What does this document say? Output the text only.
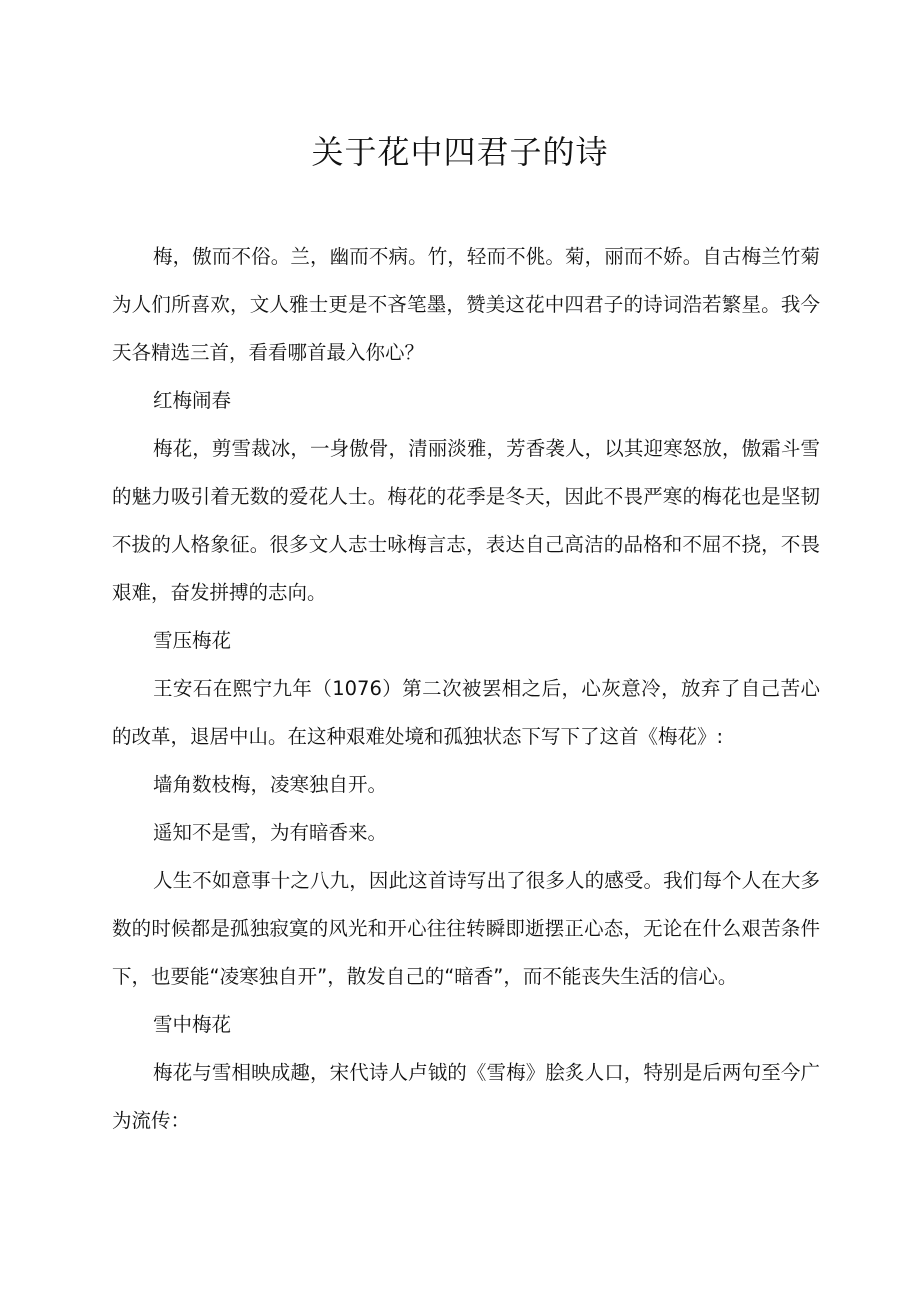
关于花中四君子的诗

梅，傲而不俗。兰，幽而不病。竹，轻而不佻。菊，丽而不娇。自古梅兰竹菊为人们所喜欢，文人雅士更是不吝笔墨，赞美这花中四君子的诗词浩若繁星。我今天各精选三首，看看哪首最入你心？

红梅闹春

梅花，剪雪裁冰，一身傲骨，清丽淡雅，芳香袭人，以其迎寒怒放，傲霜斗雪的魅力吸引着无数的爱花人士。梅花的花季是冬天，因此不畏严寒的梅花也是坚韧不拔的人格象征。很多文人志士咏梅言志，表达自己高洁的品格和不屈不挠，不畏艰难，奋发拼搏的志向。

雪压梅花

王安石在熙宁九年（1076）第二次被罢相之后，心灰意冷，放弃了自己苦心的改革，退居中山。在这种艰难处境和孤独状态下写下了这首《梅花》:

墙角数枝梅，凌寒独自开。

遥知不是雪，为有暗香来。

人生不如意事十之八九，因此这首诗写出了很多人的感受。我们每个人在大多数的时候都是孤独寂寞的风光和开心往往转瞬即逝摆正心态，无论在什么艰苦条件下，也要能“凌寒独自开”，散发自己的“暗香”，而不能丧失生活的信心。

雪中梅花

梅花与雪相映成趣，宋代诗人卢钺的《雪梅》脍炙人口，特别是后两句至今广为流传：
